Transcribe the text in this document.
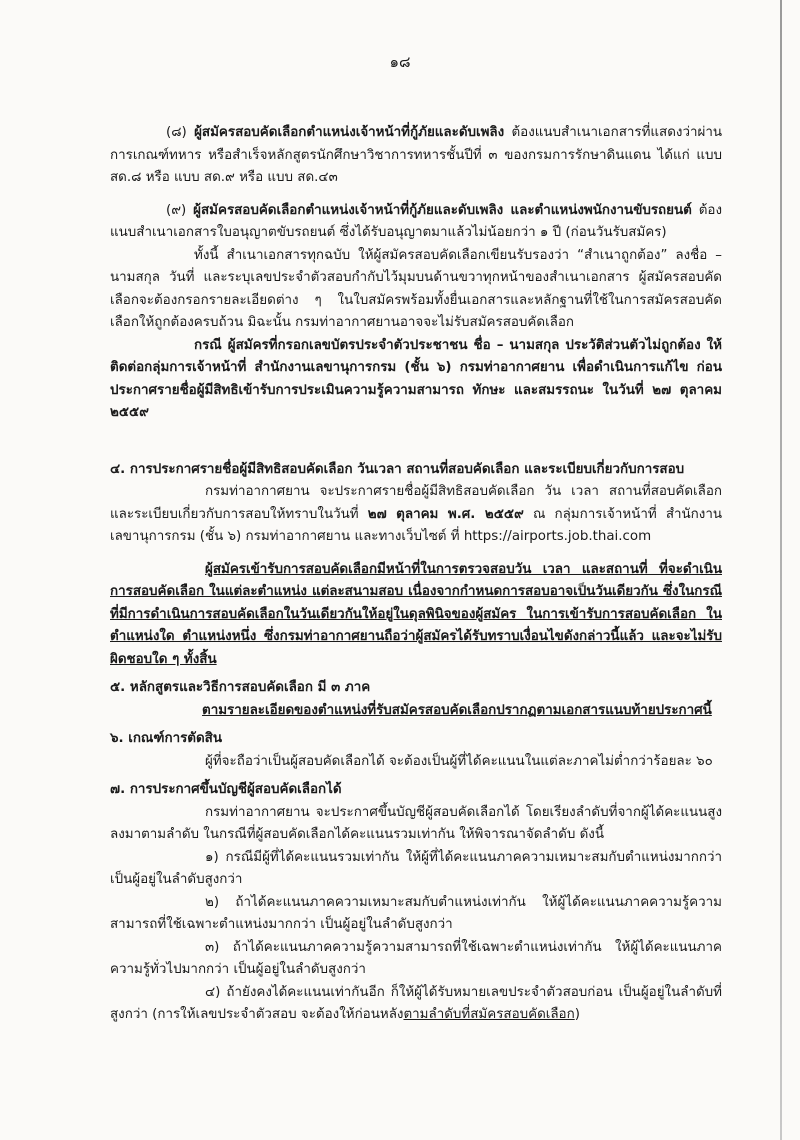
๑๘

(๘) ผู้สมัครสอบคัดเลือกตำแหน่งเจ้าหน้าที่กู้ภัยและดับเพลิง ต้องแนบสำเนาเอกสารที่แสดงว่าผ่านการเกณฑ์ทหาร หรือสำเร็จหลักสูตรนักศึกษาวิชาการทหารชั้นปีที่ ๓ ของกรมการรักษาดินแดน ได้แก่ แบบ สด.๘ หรือ แบบ สด.๙ หรือ แบบ สด.๔๓

(๙) ผู้สมัครสอบคัดเลือกตำแหน่งเจ้าหน้าที่กู้ภัยและดับเพลิง และตำแหน่งพนักงานขับรถยนต์ ต้องแนบสำเนาเอกสารใบอนุญาตขับรถยนต์ ซึ่งได้รับอนุญาตมาแล้วไม่น้อยกว่า ๑ ปี (ก่อนวันรับสมัคร)

ทั้งนี้ สำเนาเอกสารทุกฉบับ ให้ผู้สมัครสอบคัดเลือกเขียนรับรองว่า “สำเนาถูกต้อง” ลงชื่อ – นามสกุล วันที่ และระบุเลขประจำตัวสอบกำกับไว้มุมบนด้านขวาทุกหน้าของสำเนาเอกสาร ผู้สมัครสอบคัดเลือกจะต้องกรอกรายละเอียดต่าง ๆ ในใบสมัครพร้อมทั้งยื่นเอกสารและหลักฐานที่ใช้ในการสมัครสอบคัดเลือกให้ถูกต้องครบถ้วน มิฉะนั้น กรมท่าอากาศยานอาจจะไม่รับสมัครสอบคัดเลือก

กรณี ผู้สมัครที่กรอกเลขบัตรประจำตัวประชาชน ชื่อ – นามสกุล ประวัติส่วนตัวไม่ถูกต้อง ให้ติดต่อกลุ่มการเจ้าหน้าที่ สำนักงานเลขานุการกรม (ชั้น ๖) กรมท่าอากาศยาน เพื่อดำเนินการแก้ไข ก่อนประกาศรายชื่อผู้มีสิทธิเข้ารับการประเมินความรู้ความสามารถ ทักษะ และสมรรถนะ ในวันที่ ๒๗ ตุลาคม ๒๕๕๙

๔. การประกาศรายชื่อผู้มีสิทธิสอบคัดเลือก วันเวลา สถานที่สอบคัดเลือก และระเบียบเกี่ยวกับการสอบ

กรมท่าอากาศยาน จะประกาศรายชื่อผู้มีสิทธิสอบคัดเลือก วัน เวลา สถานที่สอบคัดเลือก และระเบียบเกี่ยวกับการสอบให้ทราบในวันที่ ๒๗ ตุลาคม พ.ศ. ๒๕๕๙ ณ กลุ่มการเจ้าหน้าที่ สำนักงานเลขานุการกรม (ชั้น ๖) กรมท่าอากาศยาน และทางเว็บไซต์ ที่ https://airports.job.thai.com

ผู้สมัครเข้ารับการสอบคัดเลือกมีหน้าที่ในการตรวจสอบวัน เวลา และสถานที่ ที่จะดำเนินการสอบคัดเลือก ในแต่ละตำแหน่ง แต่ละสนามสอบ เนื่องจากกำหนดการสอบอาจเป็นวันเดียวกัน ซึ่งในกรณีที่มีการดำเนินการสอบคัดเลือกในวันเดียวกันให้อยู่ในดุลพินิจของผู้สมัคร ในการเข้ารับการสอบคัดเลือก ในตำแหน่งใด ตำแหน่งหนึ่ง ซึ่งกรมท่าอากาศยานถือว่าผู้สมัครได้รับทราบเงื่อนไขดังกล่าวนี้แล้ว และจะไม่รับผิดชอบใด ๆ ทั้งสิ้น

๕. หลักสูตรและวิธีการสอบคัดเลือก มี ๓ ภาค

ตามรายละเอียดของตำแหน่งที่รับสมัครสอบคัดเลือกปรากฏตามเอกสารแนบท้ายประกาศนี้

๖. เกณฑ์การตัดสิน

ผู้ที่จะถือว่าเป็นผู้สอบคัดเลือกได้ จะต้องเป็นผู้ที่ได้คะแนนในแต่ละภาคไม่ต่ำกว่าร้อยละ ๖๐

๗. การประกาศขึ้นบัญชีผู้สอบคัดเลือกได้

กรมท่าอากาศยาน จะประกาศขึ้นบัญชีผู้สอบคัดเลือกได้ โดยเรียงลำดับที่จากผู้ได้คะแนนสูงลงมาตามลำดับ ในกรณีที่ผู้สอบคัดเลือกได้คะแนนรวมเท่ากัน ให้พิจารณาจัดลำดับ ดังนี้

๑) กรณีมีผู้ที่ได้คะแนนรวมเท่ากัน ให้ผู้ที่ได้คะแนนภาคความเหมาะสมกับตำแหน่งมากกว่า เป็นผู้อยู่ในลำดับสูงกว่า

๒) ถ้าได้คะแนนภาคความเหมาะสมกับตำแหน่งเท่ากัน ให้ผู้ได้คะแนนภาคความรู้ความสามารถที่ใช้เฉพาะตำแหน่งมากกว่า เป็นผู้อยู่ในลำดับสูงกว่า

๓) ถ้าได้คะแนนภาคความรู้ความสามารถที่ใช้เฉพาะตำแหน่งเท่ากัน ให้ผู้ได้คะแนนภาคความรู้ทั่วไปมากกว่า เป็นผู้อยู่ในลำดับสูงกว่า

๔) ถ้ายังคงได้คะแนนเท่ากันอีก ก็ให้ผู้ได้รับหมายเลขประจำตัวสอบก่อน เป็นผู้อยู่ในลำดับที่สูงกว่า (การให้เลขประจำตัวสอบ จะต้องให้ก่อนหลังตามลำดับที่สมัครสอบคัดเลือก)
